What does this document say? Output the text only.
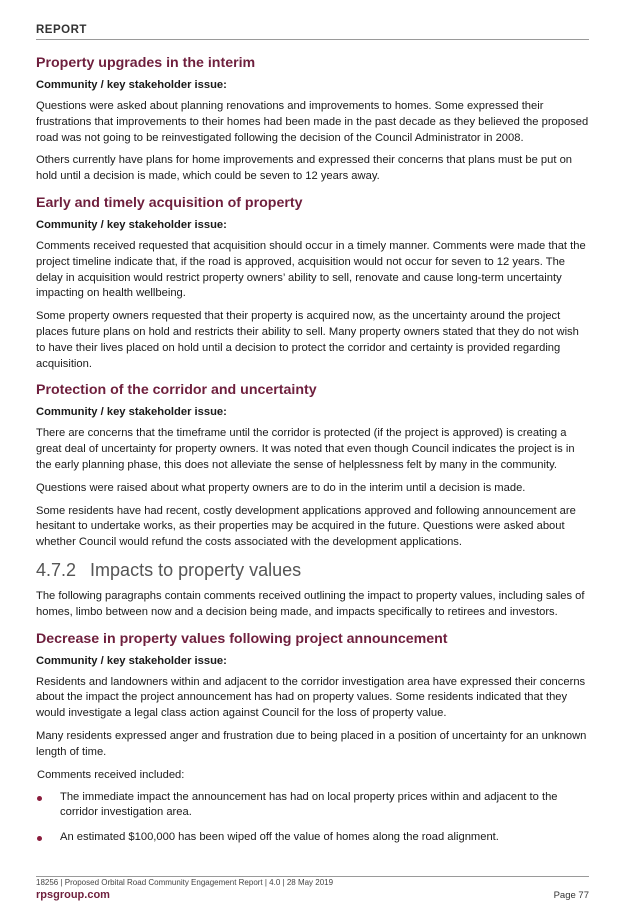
REPORT
Property upgrades in the interim
Community / key stakeholder issue:

Questions were asked about planning renovations and improvements to homes. Some expressed their frustrations that improvements to their homes had been made in the past decade as they believed the proposed road was not going to be reinvestigated following the decision of the Council Administrator in 2008.

Others currently have plans for home improvements and expressed their concerns that plans must be put on hold until a decision is made, which could be seven to 12 years away.

Early and timely acquisition of property
Community / key stakeholder issue:

Comments received requested that acquisition should occur in a timely manner. Comments were made that the project timeline indicate that, if the road is approved, acquisition would not occur for seven to 12 years. The delay in acquisition would restrict property owners’ ability to sell, renovate and cause long-term uncertainty impacting on health wellbeing.

Some property owners requested that their property is acquired now, as the uncertainty around the project places future plans on hold and restricts their ability to sell. Many property owners stated that they do not wish to have their lives placed on hold until a decision to protect the corridor and certainty is provided regarding acquisition.

Protection of the corridor and uncertainty
Community / key stakeholder issue:

There are concerns that the timeframe until the corridor is protected (if the project is approved) is creating a great deal of uncertainty for property owners. It was noted that even though Council indicates the project is in the early planning phase, this does not alleviate the sense of helplessness felt by many in the community.

Questions were raised about what property owners are to do in the interim until a decision is made.

Some residents have had recent, costly development applications approved and following announcement are hesitant to undertake works, as their properties may be acquired in the future. Questions were asked about whether Council would refund the costs associated with the development applications.

4.7.2 Impacts to property values

The following paragraphs contain comments received outlining the impact to property values, including sales of homes, limbo between now and a decision being made, and impacts specifically to retirees and investors.

Decrease in property values following project announcement
Community / key stakeholder issue:

Residents and landowners within and adjacent to the corridor investigation area have expressed their concerns about the impact the project announcement has had on property values. Some residents indicated that they would investigate a legal class action against Council for the loss of property value.

Many residents expressed anger and frustration due to being placed in a position of uncertainty for an unknown length of time.

Comments received included:
The immediate impact the announcement has had on local property prices within and adjacent to the corridor investigation area.
An estimated $100,000 has been wiped off the value of homes along the road alignment.
18256 | Proposed Orbital Road Community Engagement Report | 4.0 | 28 May 2019
rpsgroup.com	Page 77
